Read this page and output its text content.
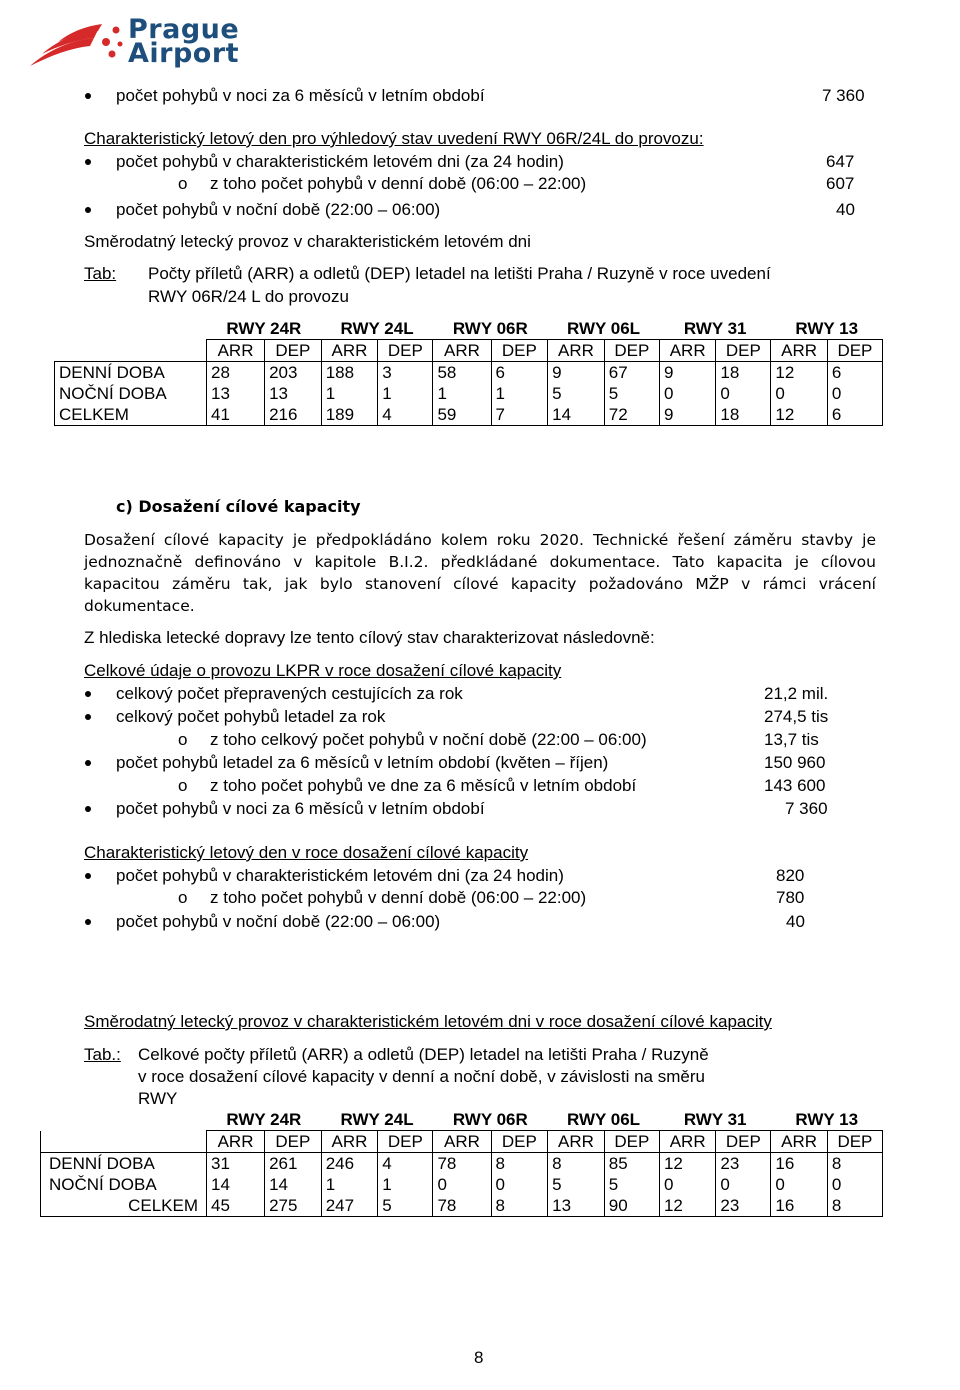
Prague
Airport
počet pohybů v noci za 6 měsíců v letním období	7 360
Charakteristický letový den pro výhledový stav uvedení RWY 06R/24L do provozu:
počet pohybů v charakteristickém letovém dni (za 24 hodin)	647
o z toho počet pohybů v denní době (06:00 – 22:00)	607
počet pohybů v noční době (22:00 – 06:00)	40
Směrodatný letecký provoz v charakteristickém letovém dni
Tab: Počty příletů (ARR) a odletů (DEP) letadel na letišti Praha / Ruzyně v roce uvedení
RWY 06R/24 L do provozu
	RWY 24R		RWY 24L		RWY 06R		RWY 06L		RWY 31		RWY 13	
	ARR	DEP	ARR	DEP	ARR	DEP	ARR	DEP	ARR	DEP	ARR	DEP
DENNÍ DOBA	28	203	188	3	58	6	9	67	9	18	12	6
NOČNÍ DOBA	13	13	1	1	1	1	5	5	0	0	0	0
CELKEM	41	216	189	4	59	7	14	72	9	18	12	6
c) Dosažení cílové kapacity
Dosažení cílové kapacity je předpokládáno kolem roku 2020. Technické řešení záměru stavby je jednoznačně definováno v kapitole B.I.2. předkládané dokumentace. Tato kapacita je cílovou kapacitou záměru tak, jak bylo stanovení cílové kapacity požadováno MŽP v rámci vrácení dokumentace.
Z hlediska letecké dopravy lze tento cílový stav charakterizovat následovně:
Celkové údaje o provozu LKPR v roce dosažení cílové kapacity
celkový počet přepravených cestujících za rok	21,2 mil.
celkový počet pohybů letadel za rok	274,5 tis
o z toho celkový počet pohybů v noční době (22:00 – 06:00)	13,7 tis
počet pohybů letadel za 6 měsíců v letním období (květen – říjen)	150 960
o z toho počet pohybů ve dne za 6 měsíců v letním období	143 600
počet pohybů v noci za 6 měsíců v letním období	7 360
Charakteristický letový den v roce dosažení cílové kapacity
počet pohybů v charakteristickém letovém dni (za 24 hodin)	820
o z toho počet pohybů v denní době (06:00 – 22:00)	780
počet pohybů v noční době (22:00 – 06:00)	40
Směrodatný letecký provoz v charakteristickém letovém dni v roce dosažení cílové kapacity
Tab.: Celkové počty příletů (ARR) a odletů (DEP) letadel na letišti Praha / Ruzyně
v roce dosažení cílové kapacity v denní a noční době, v závislosti na směru
RWY
	RWY 24R		RWY 24L		RWY 06R		RWY 06L		RWY 31		RWY 13	
	ARR	DEP	ARR	DEP	ARR	DEP	ARR	DEP	ARR	DEP	ARR	DEP
DENNÍ DOBA	31	261	246	4	78	8	8	85	12	23	16	8
NOČNÍ DOBA	14	14	1	1	0	0	5	5	0	0	0	0
CELKEM	45	275	247	5	78	8	13	90	12	23	16	8
8
